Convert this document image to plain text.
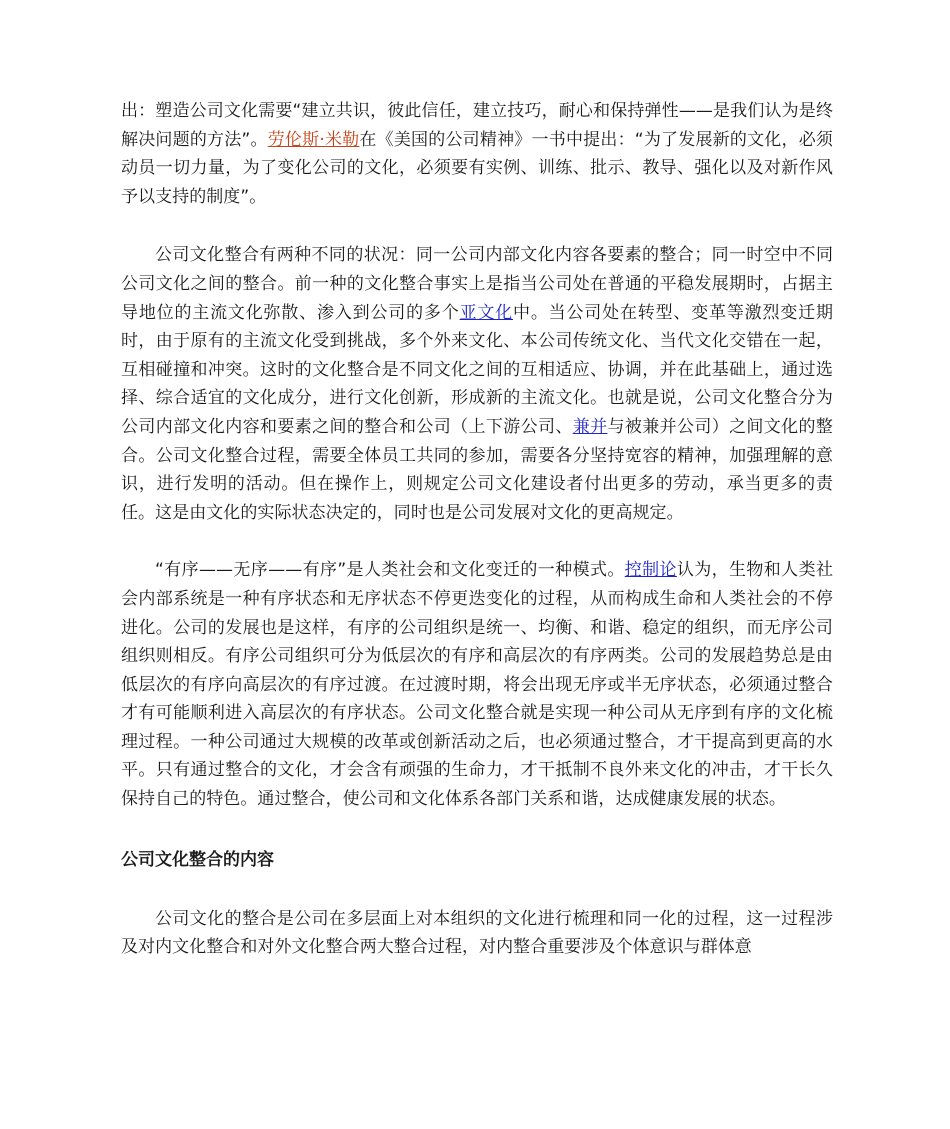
出：塑造公司文化需要“建立共识，彼此信任，建立技巧，耐心和保持弹性——是我们认为是终解决问题的方法”。劳伦斯·米勒在《美国的公司精神》一书中提出：“为了发展新的文化，必须动员一切力量，为了变化公司的文化，必须要有实例、训练、批示、教导、强化以及对新作风予以支持的制度”。

公司文化整合有两种不同的状况：同一公司内部文化内容各要素的整合；同一时空中不同公司文化之间的整合。前一种的文化整合事实上是指当公司处在普通的平稳发展期时，占据主导地位的主流文化弥散、渗入到公司的多个亚文化中。当公司处在转型、变革等激烈变迁期时，由于原有的主流文化受到挑战，多个外来文化、本公司传统文化、当代文化交错在一起，互相碰撞和冲突。这时的文化整合是不同文化之间的互相适应、协调，并在此基础上，通过选择、综合适宜的文化成分，进行文化创新，形成新的主流文化。也就是说，公司文化整合分为公司内部文化内容和要素之间的整合和公司（上下游公司、兼并与被兼并公司）之间文化的整合。公司文化整合过程，需要全体员工共同的参加，需要各分坚持宽容的精神，加强理解的意识，进行发明的活动。但在操作上，则规定公司文化建设者付出更多的劳动，承当更多的责任。这是由文化的实际状态决定的，同时也是公司发展对文化的更高规定。

“有序——无序——有序”是人类社会和文化变迁的一种模式。控制论认为，生物和人类社会内部系统是一种有序状态和无序状态不停更迭变化的过程，从而构成生命和人类社会的不停进化。公司的发展也是这样，有序的公司组织是统一、均衡、和谐、稳定的组织，而无序公司组织则相反。有序公司组织可分为低层次的有序和高层次的有序两类。公司的发展趋势总是由低层次的有序向高层次的有序过渡。在过渡时期，将会出现无序或半无序状态，必须通过整合才有可能顺利进入高层次的有序状态。公司文化整合就是实现一种公司从无序到有序的文化梳理过程。一种公司通过大规模的改革或创新活动之后，也必须通过整合，才干提高到更高的水平。只有通过整合的文化，才会含有顽强的生命力，才干抵制不良外来文化的冲击，才干长久保持自己的特色。通过整合，使公司和文化体系各部门关系和谐，达成健康发展的状态。

公司文化整合的内容

公司文化的整合是公司在多层面上对本组织的文化进行梳理和同一化的过程，这一过程涉及对内文化整合和对外文化整合两大整合过程，对内整合重要涉及个体意识与群体意
